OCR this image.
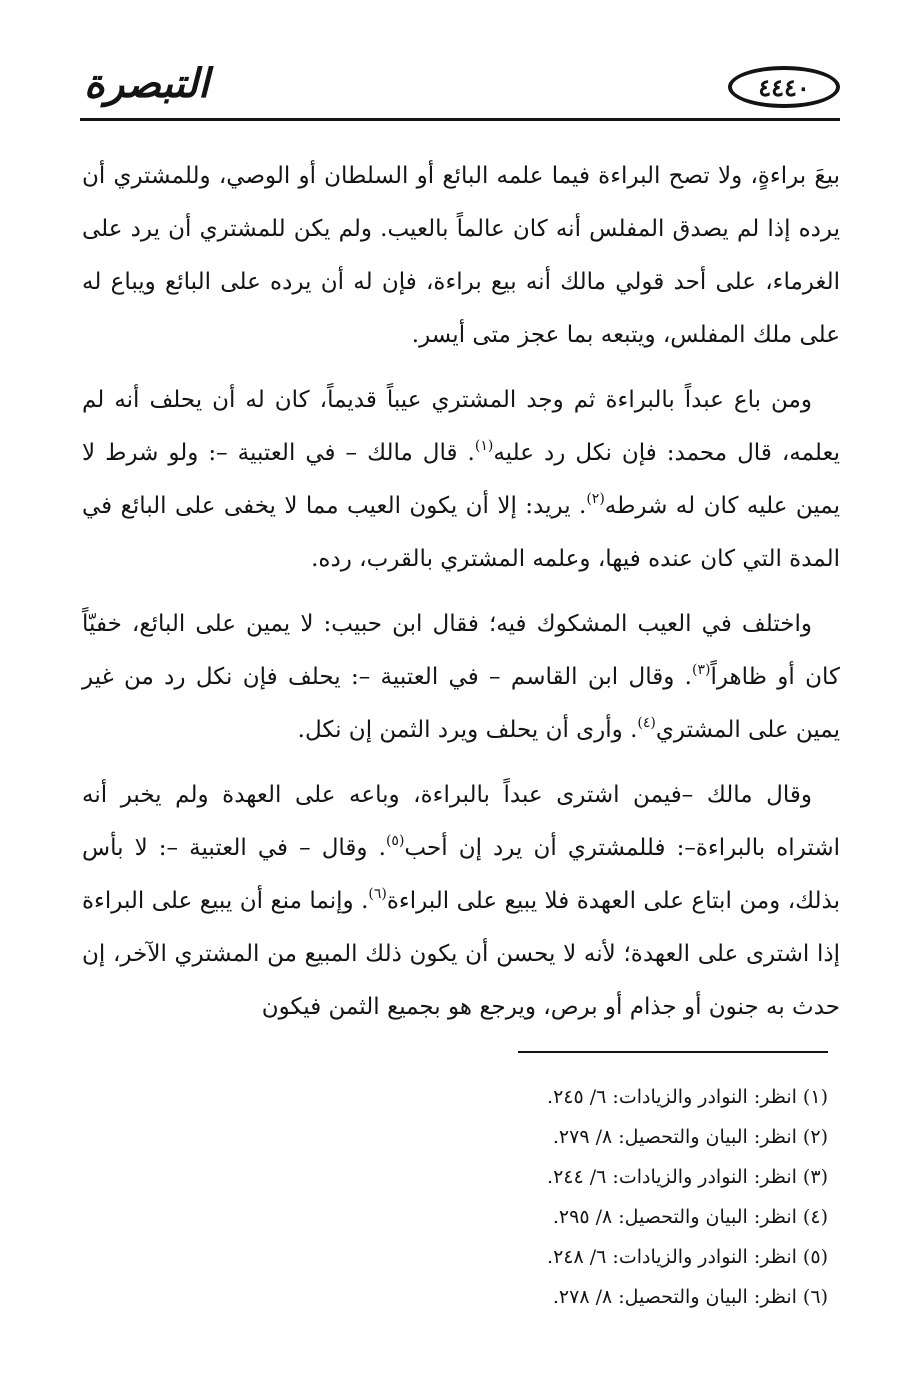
التبصرة	٤٤٤٠

بيعَ براءةٍ، ولا تصح البراءة فيما علمه البائع أو السلطان أو الوصي، وللمشتري أن يرده إذا لم يصدق المفلس أنه كان عالماً بالعيب. ولم يكن للمشتري أن يرد على الغرماء، على أحد قولي مالك أنه بيع براءة، فإن له أن يرده على البائع ويباع له على ملك المفلس، ويتبعه بما عجز متى أيسر.

ومن باع عبداً بالبراءة ثم وجد المشتري عيباً قديماً، كان له أن يحلف أنه لم يعلمه، قال محمد: فإن نكل رد عليه$^{(١)}$. قال مالك – في العتبية –: ولو شرط لا يمين عليه كان له شرطه$^{(٢)}$. يريد: إلا أن يكون العيب مما لا يخفى على البائع في المدة التي كان عنده فيها، وعلمه المشتري بالقرب، رده.

واختلف في العيب المشكوك فيه؛ فقال ابن حبيب: لا يمين على البائع، خفيّاً كان أو ظاهراً$^{(٣)}$. وقال ابن القاسم – في العتبية –: يحلف فإن نكل رد من غير يمين على المشتري$^{(٤)}$. وأرى أن يحلف ويرد الثمن إن نكل.

وقال مالك –فيمن اشترى عبداً بالبراءة، وباعه على العهدة ولم يخبر أنه اشتراه بالبراءة–: فللمشتري أن يرد إن أحب$^{(٥)}$. وقال – في العتبية –: لا بأس بذلك، ومن ابتاع على العهدة فلا يبيع على البراءة$^{(٦)}$. وإنما منع أن يبيع على البراءة إذا اشترى على العهدة؛ لأنه لا يحسن أن يكون ذلك المبيع من المشتري الآخر، إن حدث به جنون أو جذام أو برص، ويرجع هو بجميع الثمن فيكون

(١) انظر: النوادر والزيادات: ٦/ ٢٤٥.
(٢) انظر: البيان والتحصيل: ٨/ ٢٧٩.
(٣) انظر: النوادر والزيادات: ٦/ ٢٤٤.
(٤) انظر: البيان والتحصيل: ٨/ ٢٩٥.
(٥) انظر: النوادر والزيادات: ٦/ ٢٤٨.
(٦) انظر: البيان والتحصيل: ٨/ ٢٧٨.
